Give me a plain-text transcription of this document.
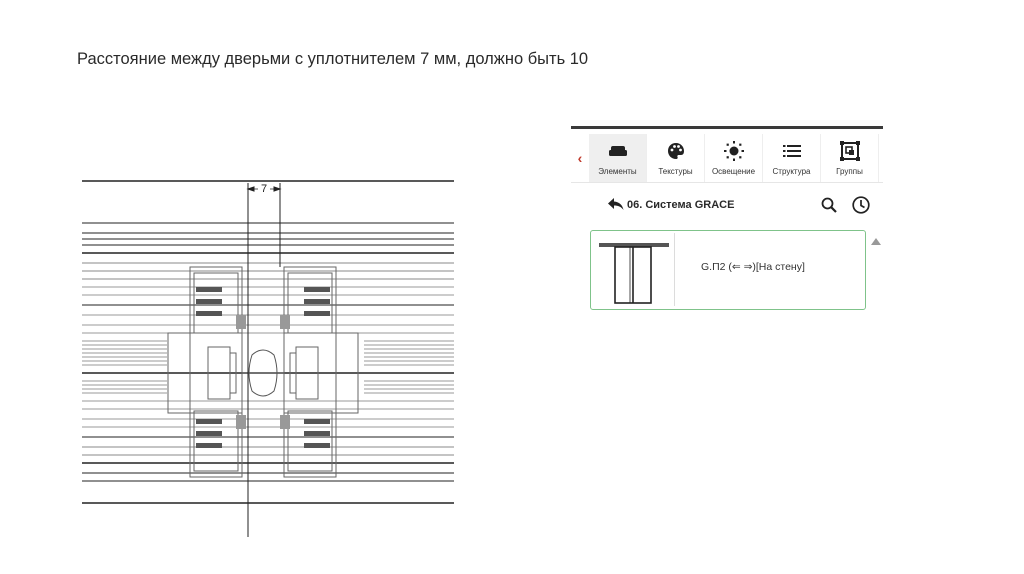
Расстояние между дверьми с уплотнителем 7 мм, должно быть 10
7
‹
Элементы	Текстуры Освещение Структура	Группы
06. Система GRACE
G.П2 (⇐ ⇒)[На стену]
